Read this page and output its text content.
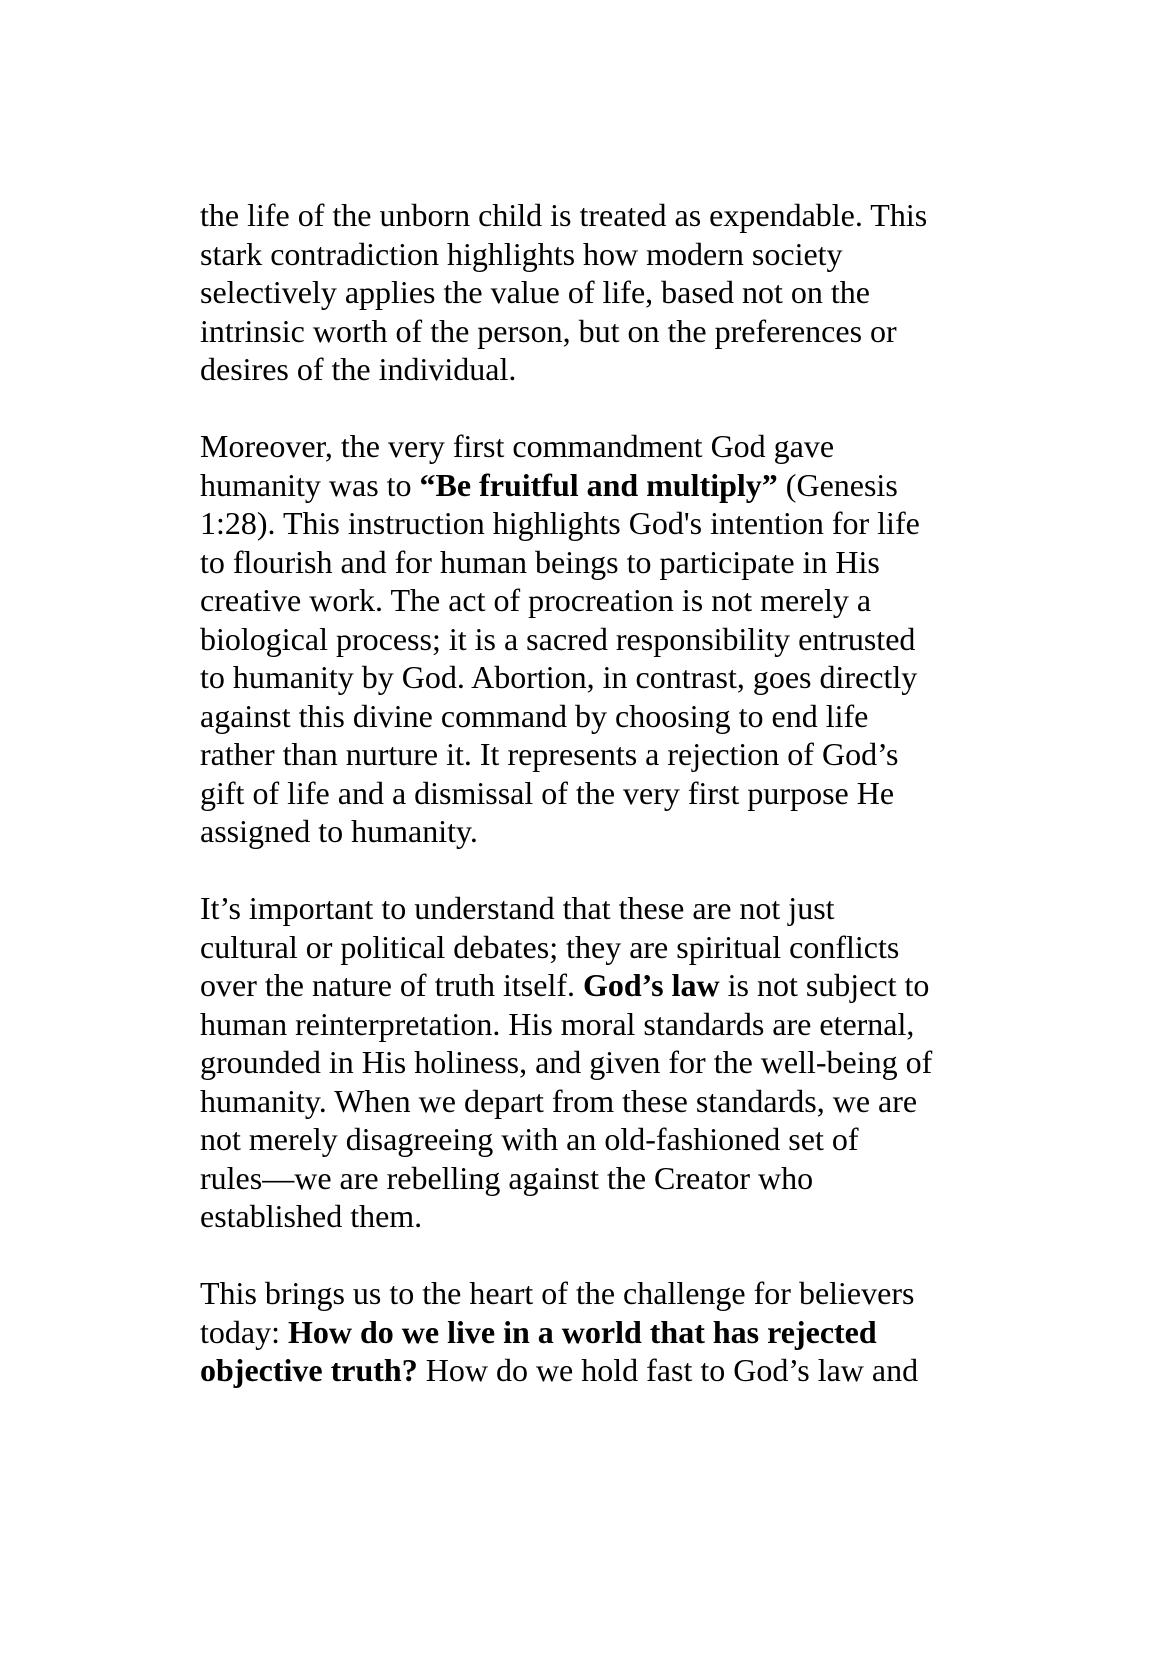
the life of the unborn child is treated as expendable. This
stark contradiction highlights how modern society
selectively applies the value of life, based not on the
intrinsic worth of the person, but on the preferences or
desires of the individual.

Moreover, the very first commandment God gave
humanity was to “Be fruitful and multiply” (Genesis
1:28). This instruction highlights God's intention for life
to flourish and for human beings to participate in His
creative work. The act of procreation is not merely a
biological process; it is a sacred responsibility entrusted
to humanity by God. Abortion, in contrast, goes directly
against this divine command by choosing to end life
rather than nurture it. It represents a rejection of God’s
gift of life and a dismissal of the very first purpose He
assigned to humanity.

It’s important to understand that these are not just
cultural or political debates; they are spiritual conflicts
over the nature of truth itself. God’s law is not subject to
human reinterpretation. His moral standards are eternal,
grounded in His holiness, and given for the well-being of
humanity. When we depart from these standards, we are
not merely disagreeing with an old-fashioned set of
rules—we are rebelling against the Creator who
established them.

This brings us to the heart of the challenge for believers
today: How do we live in a world that has rejected
objective truth? How do we hold fast to God’s law and
